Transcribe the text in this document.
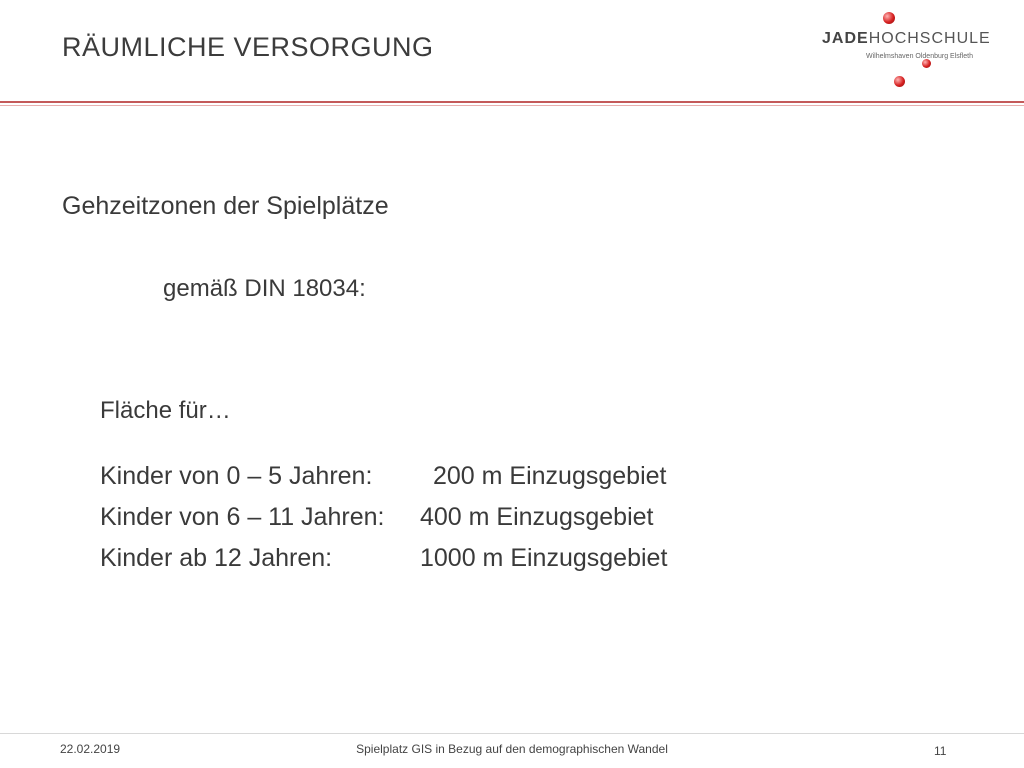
RÄUMLICHE VERSORGUNG	JADEHOCHSCHULE
Wilhelmshaven Oldenburg Elsfleth
Gehzeitzonen der Spielplätze
gemäß DIN 18034:
Fläche für…
Kinder von 0 – 5 Jahren: 200 m Einzugsgebiet
Kinder von 6 – 11 Jahren: 400 m Einzugsgebiet
Kinder ab 12 Jahren:	1000 m Einzugsgebiet
22.02.2019	Spielplatz GIS in Bezug auf den demographischen Wandel	11
